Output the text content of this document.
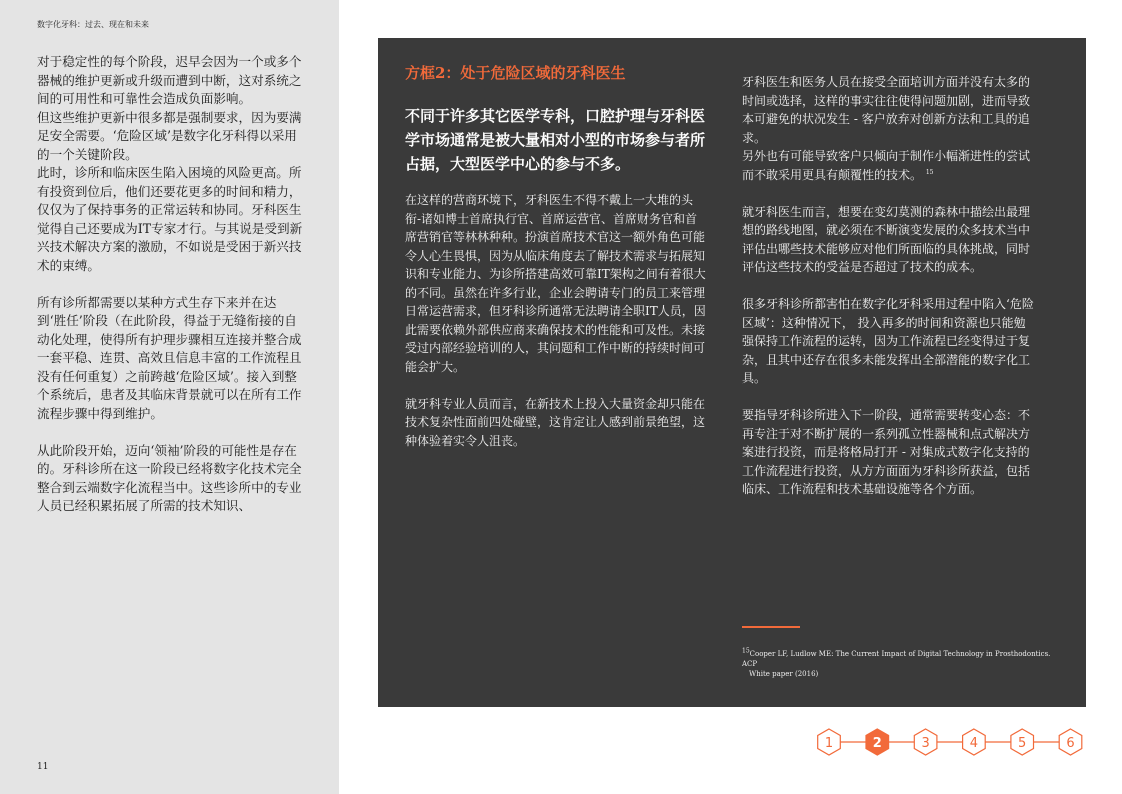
数字化牙科：过去、现在和未来

对于稳定性的每个阶段，迟早会因为一个或多个器械的维护更新或升级而遭到中断，这对系统之间的可用性和可靠性会造成负面影响。
但这些维护更新中很多都是强制要求，因为要满足安全需要。‘危险区域’是数字化牙科得以采用的一个关键阶段。
此时，诊所和临床医生陷入困境的风险更高。所有投资到位后，他们还要花更多的时间和精力，仅仅为了保持事务的正常运转和协同。牙科医生觉得自己还要成为IT专家才行。与其说是受到新兴技术解决方案的激励，不如说是受困于新兴技术的束缚。

所有诊所都需要以某种方式生存下来并在达到‘胜任’阶段（在此阶段，得益于无缝衔接的自动化处理，使得所有护理步骤相互连接并整合成一套平稳、连贯、高效且信息丰富的工作流程且没有任何重复）之前跨越‘危险区域’。接入到整个系统后，患者及其临床背景就可以在所有工作流程步骤中得到维护。

从此阶段开始，迈向‘领袖’阶段的可能性是存在的。牙科诊所在这一阶段已经将数字化技术完全整合到云端数字化流程当中。这些诊所中的专业人员已经积累拓展了所需的技术知识、

11
方框2：处于危险区域的牙科医生
不同于许多其它医学专科，口腔护理与牙科医学市场通常是被大量相对小型的市场参与者所占据，大型医学中心的参与不多。

在这样的营商环境下，牙科医生不得不戴上一大堆的头衔-诸如博士首席执行官、首席运营官、首席财务官和首席营销官等林林种种。扮演首席技术官这一额外角色可能令人心生畏惧，因为从临床角度去了解技术需求与拓展知识和专业能力、为诊所搭建高效可靠IT架构之间有着很大的不同。虽然在许多行业，企业会聘请专门的员工来管理日常运营需求，但牙科诊所通常无法聘请全职IT人员，因此需要依赖外部供应商来确保技术的性能和可及性。未接受过内部经验培训的人，其问题和工作中断的持续时间可能会扩大。

就牙科专业人员而言，在新技术上投入大量资金却只能在技术复杂性面前四处碰壁，这肯定让人感到前景绝望，这种体验着实令人沮丧。

牙科医生和医务人员在接受全面培训方面并没有太多的时间或选择，这样的事实往往使得问题加剧，进而导致本可避免的状况发生 - 客户放弃对创新方法和工具的追求。
另外也有可能导致客户只倾向于制作小幅渐进性的尝试而不敢采用更具有颠覆性的技术。 $^{15}$

就牙科医生而言，想要在变幻莫测的森林中描绘出最理想的路线地图，就必须在不断演变发展的众多技术当中评估出哪些技术能够应对他们所面临的具体挑战，同时评估这些技术的受益是否超过了技术的成本。

很多牙科诊所都害怕在数字化牙科采用过程中陷入‘危险区域’：这种情况下， 投入再多的时间和资源也只能勉强保持工作流程的运转，因为工作流程已经变得过于复杂，且其中还存在很多未能发挥出全部潜能的数字化工具。

要指导牙科诊所进入下一阶段，通常需要转变心态：不再专注于对不断扩展的一系列孤立性器械和点式解决方案进行投资，而是将格局打开 - 对集成式数字化支持的工作流程进行投资，从方方面面为牙科诊所获益，包括临床、工作流程和技术基础设施等各个方面。

15Cooper LF, Ludlow ME: The Current Impact of Digital Technology in Prosthodontics. ACP
White paper (2016)
1	2	3	4	5	6
